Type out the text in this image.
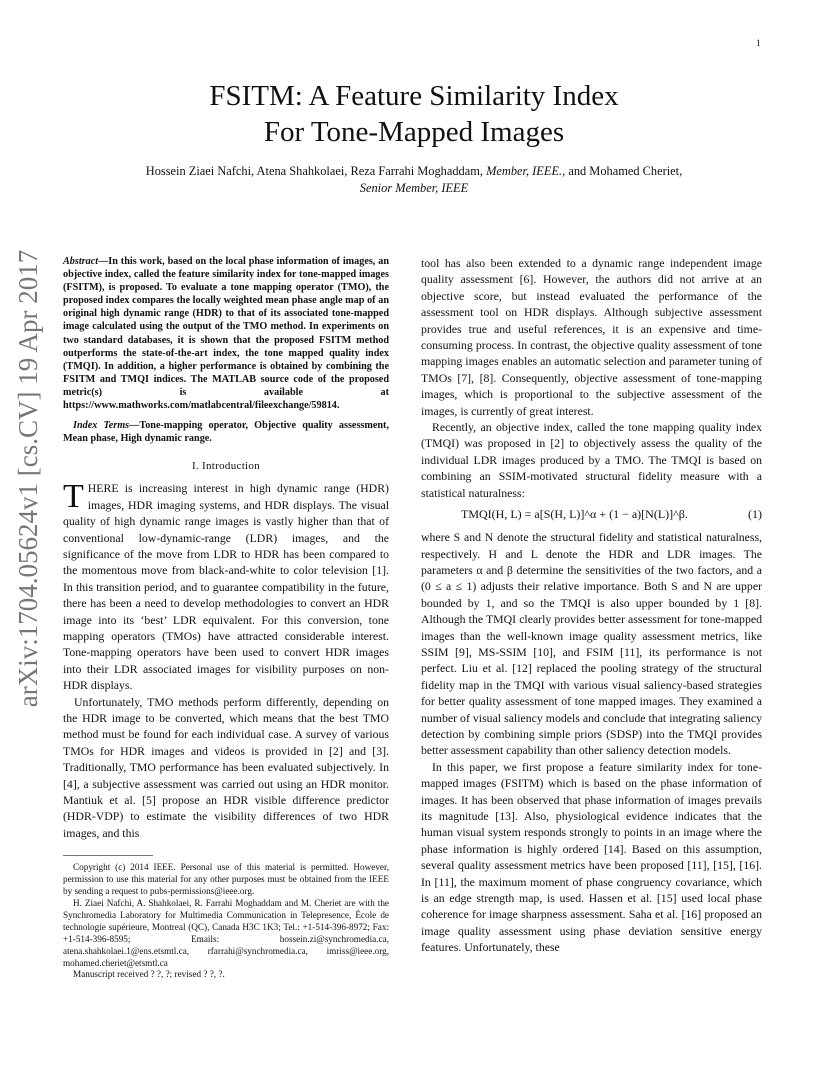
1
arXiv:1704.05624v1 [cs.CV] 19 Apr 2017
FSITM: A Feature Similarity Index
For Tone-Mapped Images
Hossein Ziaei Nafchi, Atena Shahkolaei, Reza Farrahi Moghaddam, Member, IEEE., and Mohamed Cheriet,
Senior Member, IEEE
Abstract—In this work, based on the local phase information of images, an objective index, called the feature similarity index for tone-mapped images (FSITM), is proposed. To evaluate a tone mapping operator (TMO), the proposed index compares the locally weighted mean phase angle map of an original high dynamic range (HDR) to that of its associated tone-mapped image calculated using the output of the TMO method. In experiments on two standard databases, it is shown that the proposed FSITM method outperforms the state-of-the-art index, the tone mapped quality index (TMQI). In addition, a higher performance is obtained by combining the FSITM and TMQI indices. The MATLAB source code of the proposed metric(s) is available at https://www.mathworks.com/matlabcentral/fileexchange/59814.
Index Terms—Tone-mapping operator, Objective quality assessment, Mean phase, High dynamic range.
I. Introduction

THERE is increasing interest in high dynamic range (HDR) images, HDR imaging systems, and HDR displays. The visual quality of high dynamic range images is vastly higher than that of conventional low-dynamic-range (LDR) images, and the significance of the move from LDR to HDR has been compared to the momentous move from black-and-white to color television [1]. In this transition period, and to guarantee compatibility in the future, there has been a need to develop methodologies to convert an HDR image into its ‘best’ LDR equivalent. For this conversion, tone mapping operators (TMOs) have attracted considerable interest. Tone-mapping operators have been used to convert HDR images into their LDR associated images for visibility purposes on non-HDR displays.

Unfortunately, TMO methods perform differently, depending on the HDR image to be converted, which means that the best TMO method must be found for each individual case. A survey of various TMOs for HDR images and videos is provided in [2] and [3]. Traditionally, TMO performance has been evaluated subjectively. In [4], a subjective assessment was carried out using an HDR monitor. Mantiuk et al. [5] propose an HDR visible difference predictor (HDR-VDP) to estimate the visibility differences of two HDR images, and this

Copyright (c) 2014 IEEE. Personal use of this material is permitted. However, permission to use this material for any other purposes must be obtained from the IEEE by sending a request to pubs-permissions@ieee.org.

H. Ziaei Nafchi, A. Shahkolaei, R. Farrahi Moghaddam and M. Cheriet are with the Synchromedia Laboratory for Multimedia Communication in Telepresence, École de technologie supérieure, Montreal (QC), Canada H3C 1K3; Tel.: +1-514-396-8972; Fax: +1-514-396-8595; Emails: hossein.zi@synchromedia.ca, atena.shahkolaei.1@ens.etsmtl.ca, rfarrahi@synchromedia.ca, imriss@ieee.org, mohamed.cheriet@etsmtl.ca

Manuscript received ? ?, ?; revised ? ?, ?.

tool has also been extended to a dynamic range independent image quality assessment [6]. However, the authors did not arrive at an objective score, but instead evaluated the performance of the assessment tool on HDR displays. Although subjective assessment provides true and useful references, it is an expensive and time-consuming process. In contrast, the objective quality assessment of tone mapping images enables an automatic selection and parameter tuning of TMOs [7], [8]. Consequently, objective assessment of tone-mapping images, which is proportional to the subjective assessment of the images, is currently of great interest.

Recently, an objective index, called the tone mapping quality index (TMQI) was proposed in [2] to objectively assess the quality of the individual LDR images produced by a TMO. The TMQI is based on combining an SSIM-motivated structural fidelity measure with a statistical naturalness:

TMQI(H, L) = a[S(H, L)]^α + (1 − a)[N(L)]^β.	(1)

where S and N denote the structural fidelity and statistical naturalness, respectively. H and L denote the HDR and LDR images. The parameters α and β determine the sensitivities of the two factors, and a (0 ≤ a ≤ 1) adjusts their relative importance. Both S and N are upper bounded by 1, and so the TMQI is also upper bounded by 1 [8]. Although the TMQI clearly provides better assessment for tone-mapped images than the well-known image quality assessment metrics, like SSIM [9], MS-SSIM [10], and FSIM [11], its performance is not perfect. Liu et al. [12] replaced the pooling strategy of the structural fidelity map in the TMQI with various visual saliency-based strategies for better quality assessment of tone mapped images. They examined a number of visual saliency models and conclude that integrating saliency detection by combining simple priors (SDSP) into the TMQI provides better assessment capability than other saliency detection models.

In this paper, we first propose a feature similarity index for tone-mapped images (FSITM) which is based on the phase information of images. It has been observed that phase information of images prevails its magnitude [13]. Also, physiological evidence indicates that the human visual system responds strongly to points in an image where the phase information is highly ordered [14]. Based on this assumption, several quality assessment metrics have been proposed [11], [15], [16]. In [11], the maximum moment of phase congruency covariance, which is an edge strength map, is used. Hassen et al. [15] used local phase coherence for image sharpness assessment. Saha et al. [16] proposed an image quality assessment using phase deviation sensitive energy features. Unfortunately, these
